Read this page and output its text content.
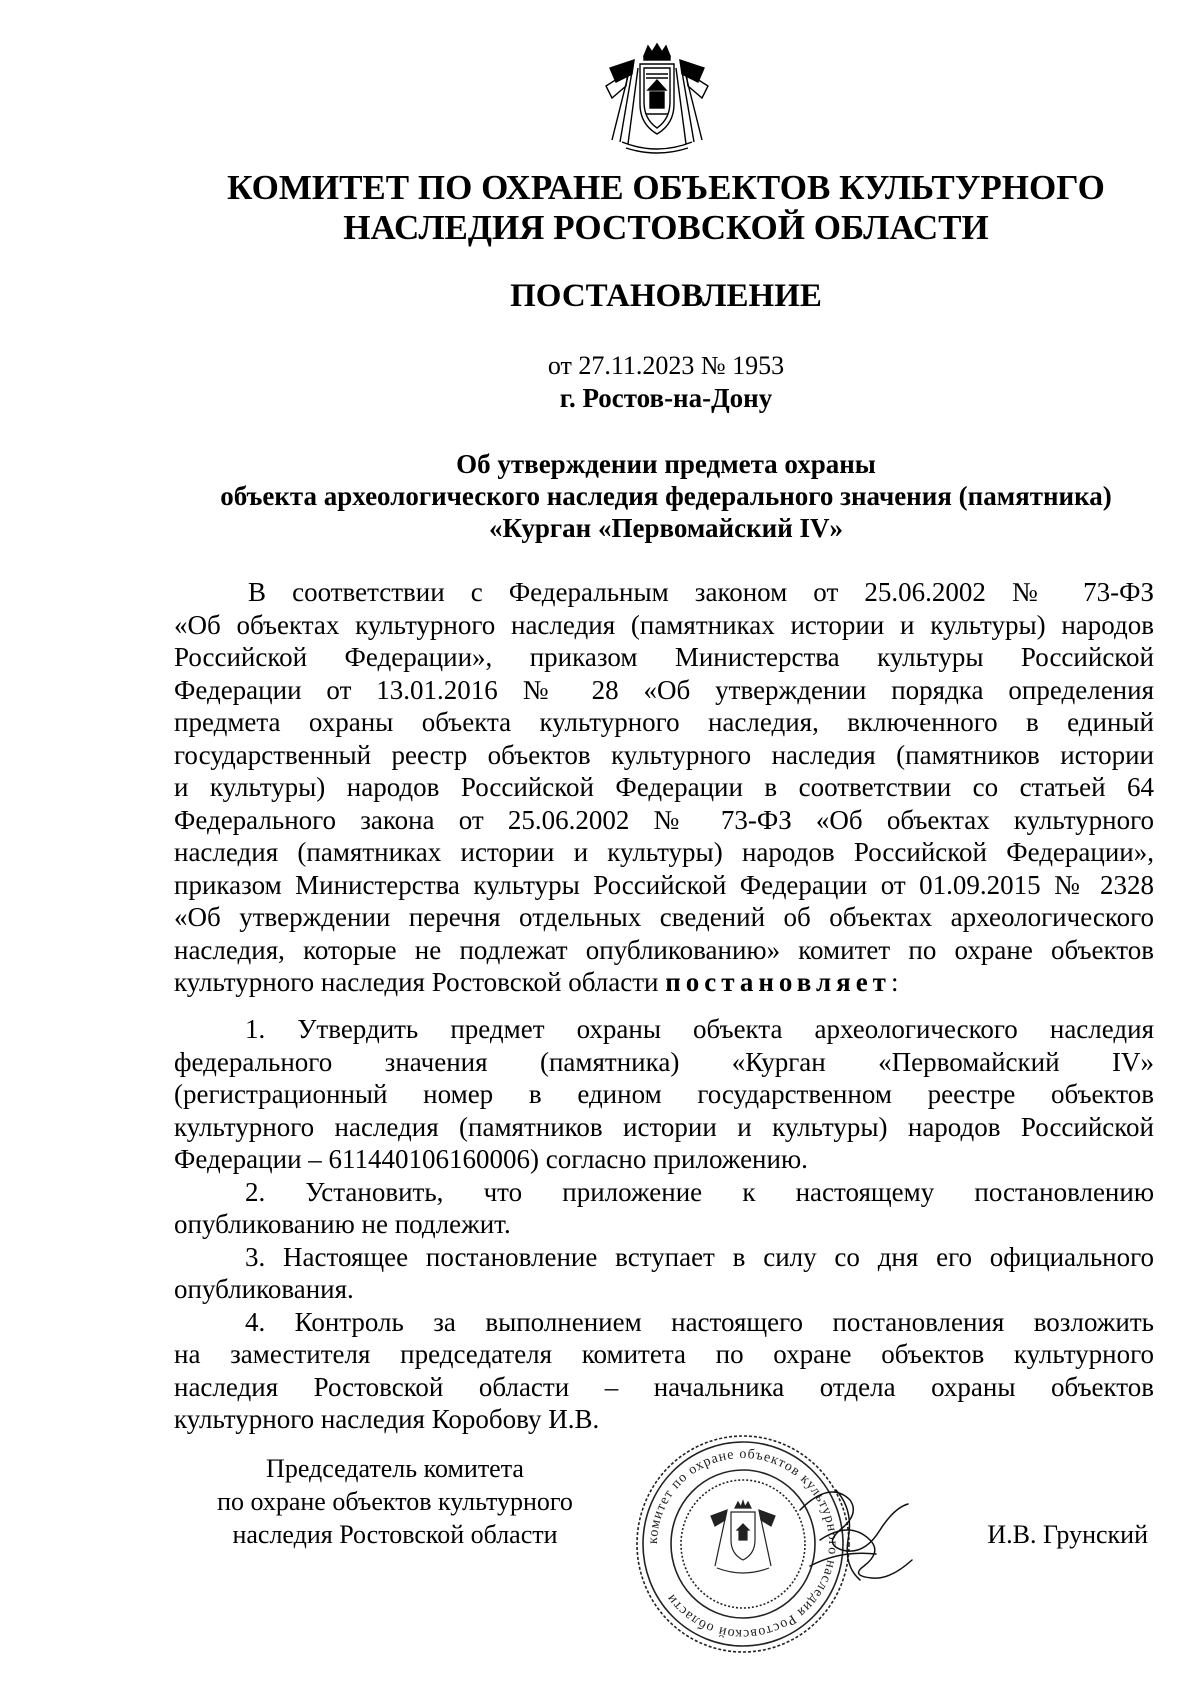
КОМИТЕТ ПО ОХРАНЕ ОБЪЕКТОВ КУЛЬТУРНОГО
НАСЛЕДИЯ РОСТОВСКОЙ ОБЛАСТИ
ПОСТАНОВЛЕНИЕ
от 27.11.2023 № 1953
г. Ростов-на-Дону
Об утверждении предмета охраны
объекта археологического наследия федерального значения (памятника)
«Курган «Первомайский IV»
В соответствии с Федеральным законом от 25.06.2002 № 73-ФЗ
«Об объектах культурного наследия (памятниках истории и культуры) народов
Российской Федерации», приказом Министерства культуры Российской
Федерации от 13.01.2016 № 28 «Об утверждении порядка определения
предмета охраны объекта культурного наследия, включенного в единый
государственный реестр объектов культурного наследия (памятников истории
и культуры) народов Российской Федерации в соответствии со статьей 64
Федерального закона от 25.06.2002 № 73-ФЗ «Об объектах культурного
наследия (памятниках истории и культуры) народов Российской Федерации»,
приказом Министерства культуры Российской Федерации от 01.09.2015 № 2328
«Об утверждении перечня отдельных сведений об объектах археологического
наследия, которые не подлежат опубликованию» комитет по охране объектов
культурного наследия Ростовской области постановляет:
1. Утвердить предмет охраны объекта археологического наследия
федерального значения (памятника) «Курган «Первомайский IV»
(регистрационный номер в едином государственном реестре объектов
культурного наследия (памятников истории и культуры) народов Российской
Федерации – 611440106160006) согласно приложению.
2. Установить, что приложение к настоящему постановлению
опубликованию не подлежит.
3. Настоящее постановление вступает в силу со дня его официального
опубликования.
4. Контроль за выполнением настоящего постановления возложить
на заместителя председателя комитета по охране объектов культурного
наследия Ростовской области – начальника отдела охраны объектов
культурного наследия Коробову И.В.
Председатель комитета
по охране объектов культурного
наследия Ростовской области	комитет по охране объектов культурного наследия Ростовской области
И.В. Грунский
